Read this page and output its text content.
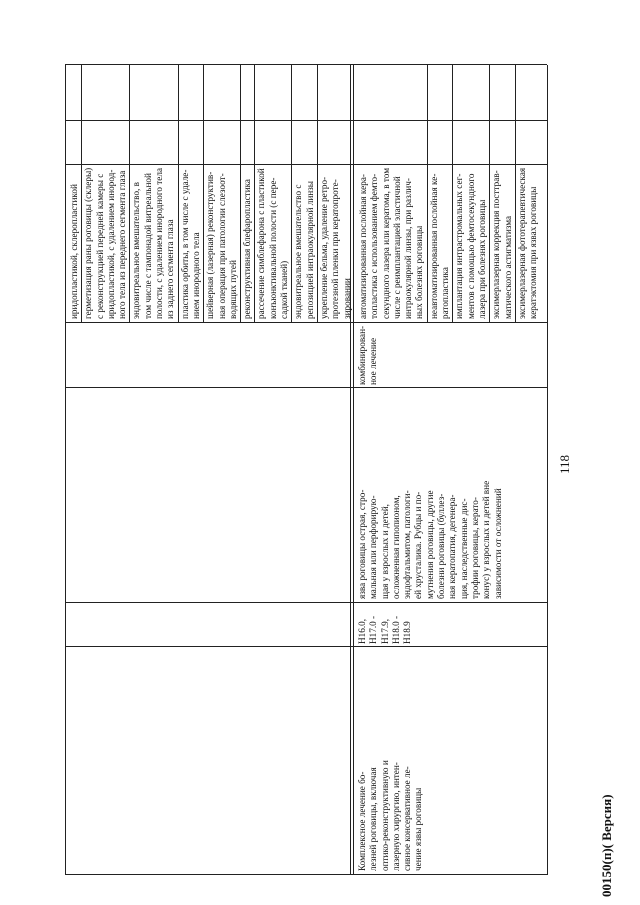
118
00150(п)( Версия)
H16.0, H17.0 - H17.9, H18.0 - H18.9
язва роговицы острая, стро- мальная или перфорирую- щая у взрослых и детей, осложненная гипопионом, эндофтальмитом, патологи- ей хрусталика. Рубцы и по- мутнения роговицы, другие болезни роговицы (буллез- ная кератопатия, дегенера- ция, наследственные дис- трофии роговицы, керато- конус) у взрослых и детей вне зависимости от осложнений
комбинирован- ное лечение
Комплексное лечение бо- лезней роговицы, включая оптико-реконструктивную и лазерную хирургию, интен- сивное консервативное ле- чение язвы роговицы
иридопластикой, склеропластикой герметизация раны роговицы (склеры) с реконструкцией передней камеры с иридопластикой, с удалением инород- ного тела из переднего сегмента глаза эндовитреальное вмешательство, в том числе с тампонадой витреальной полости, с удалением инородного тела из заднего сегмента глаза пластика орбиты, в том числе с удале- нием инородного тела шейверная (лазерная) реконструктив- ная операция при патологии слезоот- водящих путей реконструктивная блефаропластика рассечение симблефарона с пластикой конъюнктивальной полости (с пере- садкой тканей) эндовитреальное вмешательство с репозицией интраокулярной линзы укрепление бельма, удаление ретро- протезной пленки при кератопроте- зировании автоматизированная послойная кера- топластика с использованием фемто- секундного лазера или кератома, в том числе с реимплантацией эластичной интраокулярной линзы, при различ- ных болезнях роговицы неавтоматизированная послойная ке- ратопластика имплантация интрастромальных сег- ментов с помощью фемтосекундного лазера при болезнях роговицы эксимерлазерная коррекция посттрав- матического астигматизма эксимерлазерная фототерапевтическая кератэктомия при язвах роговицы
